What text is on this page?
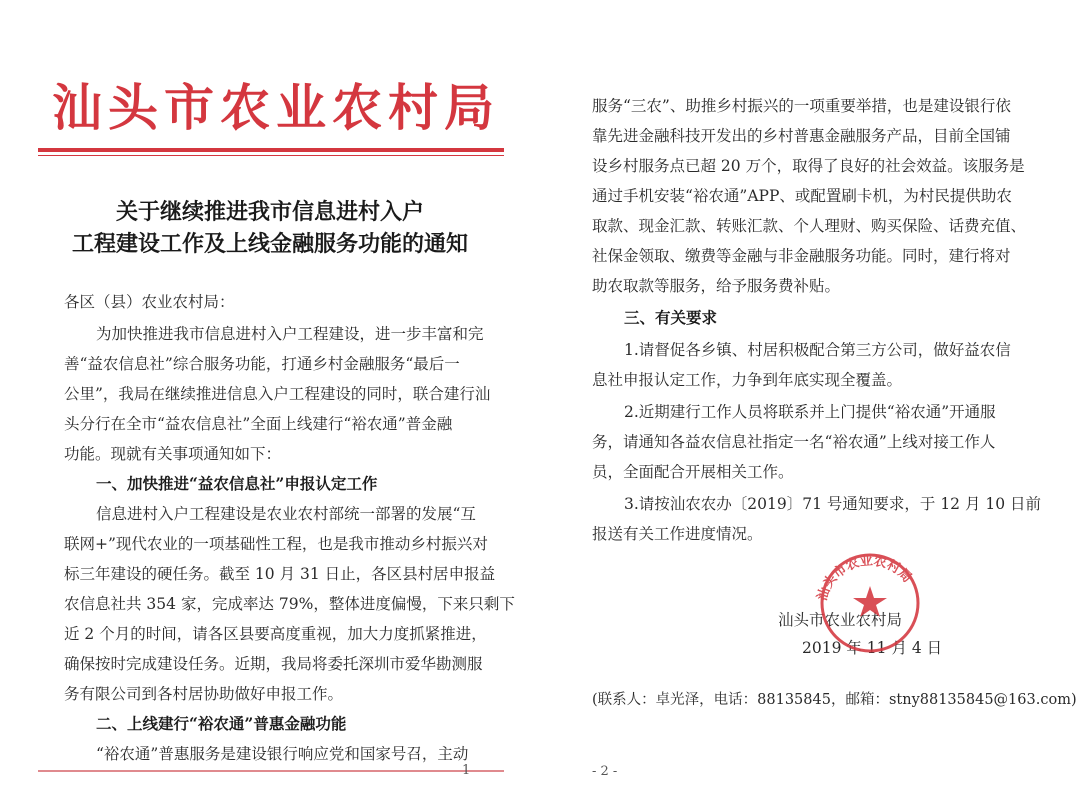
汕头市农业农村局
关于继续推进我市信息进村入户
工程建设工作及上线金融服务功能的通知
各区（县）农业农村局：
为加快推进我市信息进村入户工程建设，进一步丰富和完
善“益农信息社”综合服务功能，打通乡村金融服务“最后一
公里”，我局在继续推进信息入户工程建设的同时，联合建行汕
头分行在全市“益农信息社”全面上线建行“裕农通”普金融
功能。现就有关事项通知如下：
一、加快推进“益农信息社”申报认定工作
信息进村入户工程建设是农业农村部统一部署的发展“互
联网+”现代农业的一项基础性工程，也是我市推动乡村振兴对
标三年建设的硬任务。截至 10 月 31 日止，各区县村居申报益
农信息社共 354 家，完成率达 79%，整体进度偏慢，下来只剩下
近 2 个月的时间，请各区县要高度重视，加大力度抓紧推进，
确保按时完成建设任务。近期，我局将委托深圳市爱华勘测服
务有限公司到各村居协助做好申报工作。
二、上线建行“裕农通”普惠金融功能
“裕农通”普惠服务是建设银行响应党和国家号召，主动
1
服务“三农”、助推乡村振兴的一项重要举措，也是建设银行依
靠先进金融科技开发出的乡村普惠金融服务产品，目前全国铺
设乡村服务点已超 20 万个，取得了良好的社会效益。该服务是
通过手机安装“裕农通”APP、或配置刷卡机，为村民提供助农
取款、现金汇款、转账汇款、个人理财、购买保险、话费充值、
社保金领取、缴费等金融与非金融服务功能。同时，建行将对
助农取款等服务，给予服务费补贴。
三、有关要求
1.请督促各乡镇、村居积极配合第三方公司，做好益农信
息社申报认定工作，力争到年底实现全覆盖。
2.近期建行工作人员将联系并上门提供“裕农通”开通服
务，请通知各益农信息社指定一名“裕农通”上线对接工作人
员，全面配合开展相关工作。
3.请按汕农农办〔2019〕71 号通知要求，于 12 月 10 日前
报送有关工作进度情况。
汕头市农业农村局
2019 年 11 月 4 日
(联系人：卓光泽，电话：88135845，邮箱：stny88135845@163.com)
- 2 -
汕头市农业农村局
